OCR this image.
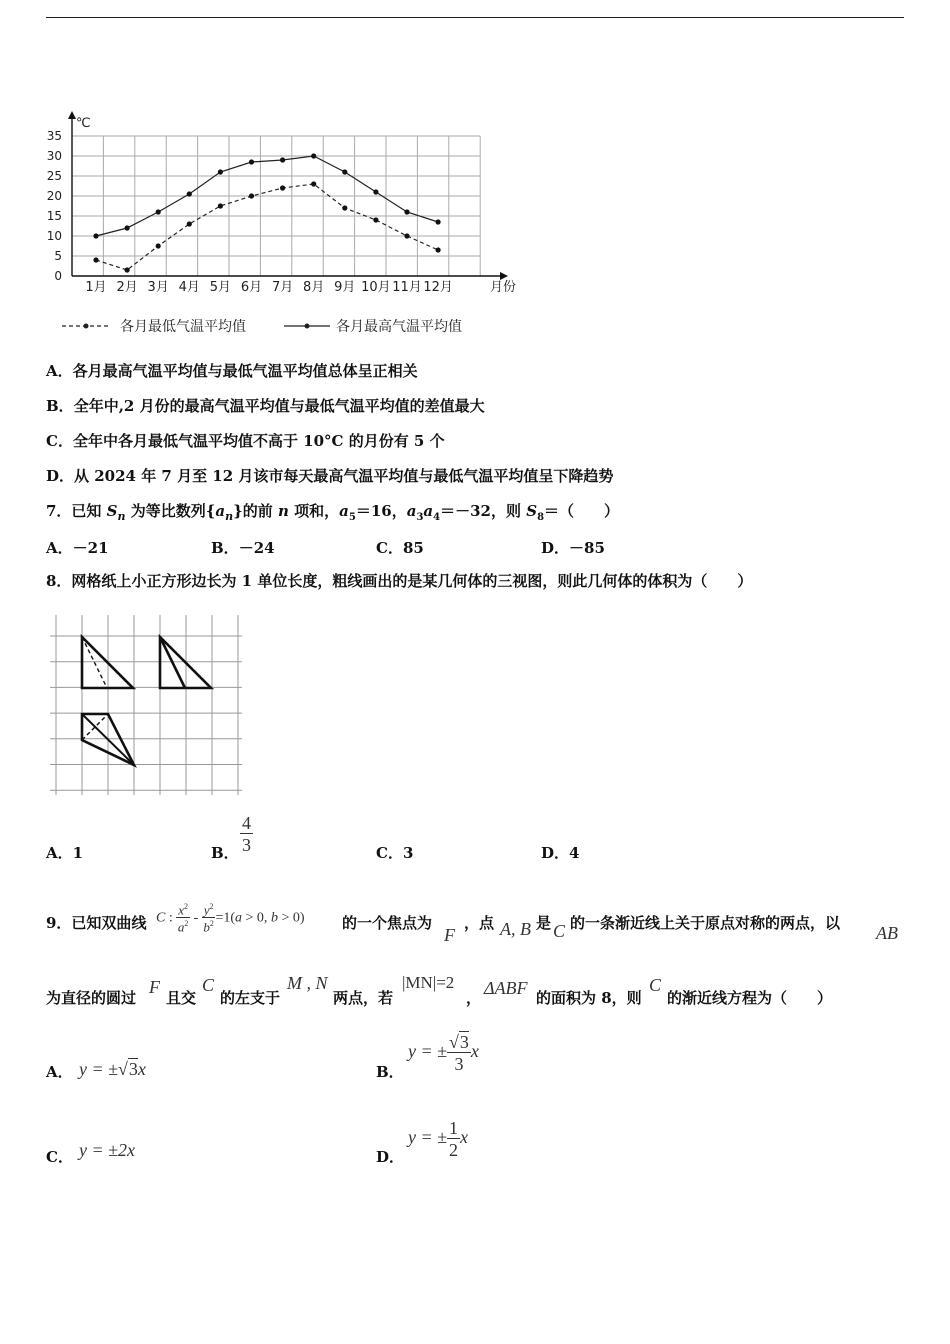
0
5
10
15
20
25
30
35
1月 2月 3月 4月 5月 6月 7月 8月 9月 10月 11月 12月
℃
月份
各月最低气温平均值	各月最高气温平均值
A．各月最高气温平均值与最低气温平均值总体呈正相关
B．全年中,2 月份的最高气温平均值与最低气温平均值的差值最大
C．全年中各月最低气温平均值不高于 10°C 的月份有 5 个
D．从 2024 年 7 月至 12 月该市每天最高气温平均值与最低气温平均值呈下降趋势
7．已知 $S_n$ 为等比数列$\{a_n\}$的前 n 项和，$a_5=16$，$a_3a_4=-32$，则 $S_8=$（　　）
A．－21	B．－24	C．85	D．－85
8．网格纸上小正方形边长为 1 单位长度，粗线画出的是某几何体的三视图，则此几何体的体积为（　　）
A．1	B． $\frac{4}{3}$	C．3	D．4
9．已知双曲线 C : $\frac{x^2}{a^2} - \frac{y^2}{b^2} =1(a > 0$, b > 0)	的一个焦点为
F
，点 A, B 是 C 的一条渐近线上关于原点对称的两点，以 AB
为直径的圆过
F
且交
C
的左支于
M , N
两点，若
|MN|=2
， ΔABF 的面积为 8，则
C
的渐近线方程为（　　）
A． y = ±√3x	B．
y = ± $\frac{√3}{3}$ x
C． y = ±2x	D．
y = ± $\frac{1}{2}$ x
